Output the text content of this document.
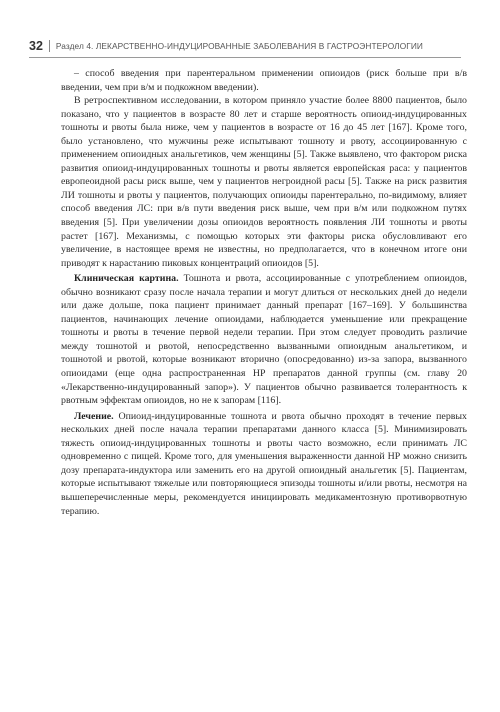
32 Раздел 4. ЛЕКАРСТВЕННО-ИНДУЦИРОВАННЫЕ ЗАБОЛЕВАНИЯ В ГАСТРОЭНТЕРОЛОГИИ

– способ введения при парентеральном применении опиоидов (риск больше при в/в введении, чем при в/м и подкожном введении).

В ретроспективном исследовании, в котором приняло участие более 8800 пациентов, было показано, что у пациентов в возрасте 80 лет и старше вероятность опиоид-индуцированных тошноты и рвоты была ниже, чем у пациентов в возрасте от 16 до 45 лет [167]. Кроме того, было установлено, что мужчины реже испытывают тошноту и рвоту, ассоциированную с применением опиоидных анальгетиков, чем женщины [5]. Также выявлено, что фактором риска развития опиоид-индуцированных тошноты и рвоты является европейская раса: у пациентов европеоидной расы риск выше, чем у пациентов негроидной расы [5]. Также на риск развития ЛИ тошноты и рвоты у пациентов, получающих опиоиды парентерально, по-видимому, влияет способ введения ЛС: при в/в пути введения риск выше, чем при в/м или подкожном путях введения [5]. При увеличении дозы опиоидов вероятность появления ЛИ тошноты и рвоты растет [167]. Механизмы, с помощью которых эти факторы риска обусловливают его увеличение, в настоящее время не известны, но предполагается, что в конечном итоге они приводят к нарастанию пиковых концентраций опиоидов [5].

Клиническая картина. Тошнота и рвота, ассоциированные с употреблением опиоидов, обычно возникают сразу после начала терапии и могут длиться от нескольких дней до недели или даже дольше, пока пациент принимает данный препарат [167–169]. У большинства пациентов, начинающих лечение опиоидами, наблюдается уменьшение или прекращение тошноты и рвоты в течение первой недели терапии. При этом следует проводить различие между тошнотой и рвотой, непосредственно вызванными опиоидным анальгетиком, и тошнотой и рвотой, которые возникают вторично (опосредованно) из-за запора, вызванного опиоидами (еще одна распространенная НР препаратов данной группы (см. главу 20 «Лекарственно-индуцированный запор»). У пациентов обычно развивается толерантность к рвотным эффектам опиоидов, но не к запорам [116].

Лечение. Опиоид-индуцированные тошнота и рвота обычно проходят в течение первых нескольких дней после начала терапии препаратами данного класса [5]. Минимизировать тяжесть опиоид-индуцированных тошноты и рвоты часто возможно, если принимать ЛС одновременно с пищей. Кроме того, для уменьшения выраженности данной НР можно снизить дозу препарата-индуктора или заменить его на другой опиоидный анальгетик [5]. Пациентам, которые испытывают тяжелые или повторяющиеся эпизоды тошноты и/или рвоты, несмотря на вышеперечисленные меры, рекомендуется инициировать медикаментозную противорвотную терапию.
